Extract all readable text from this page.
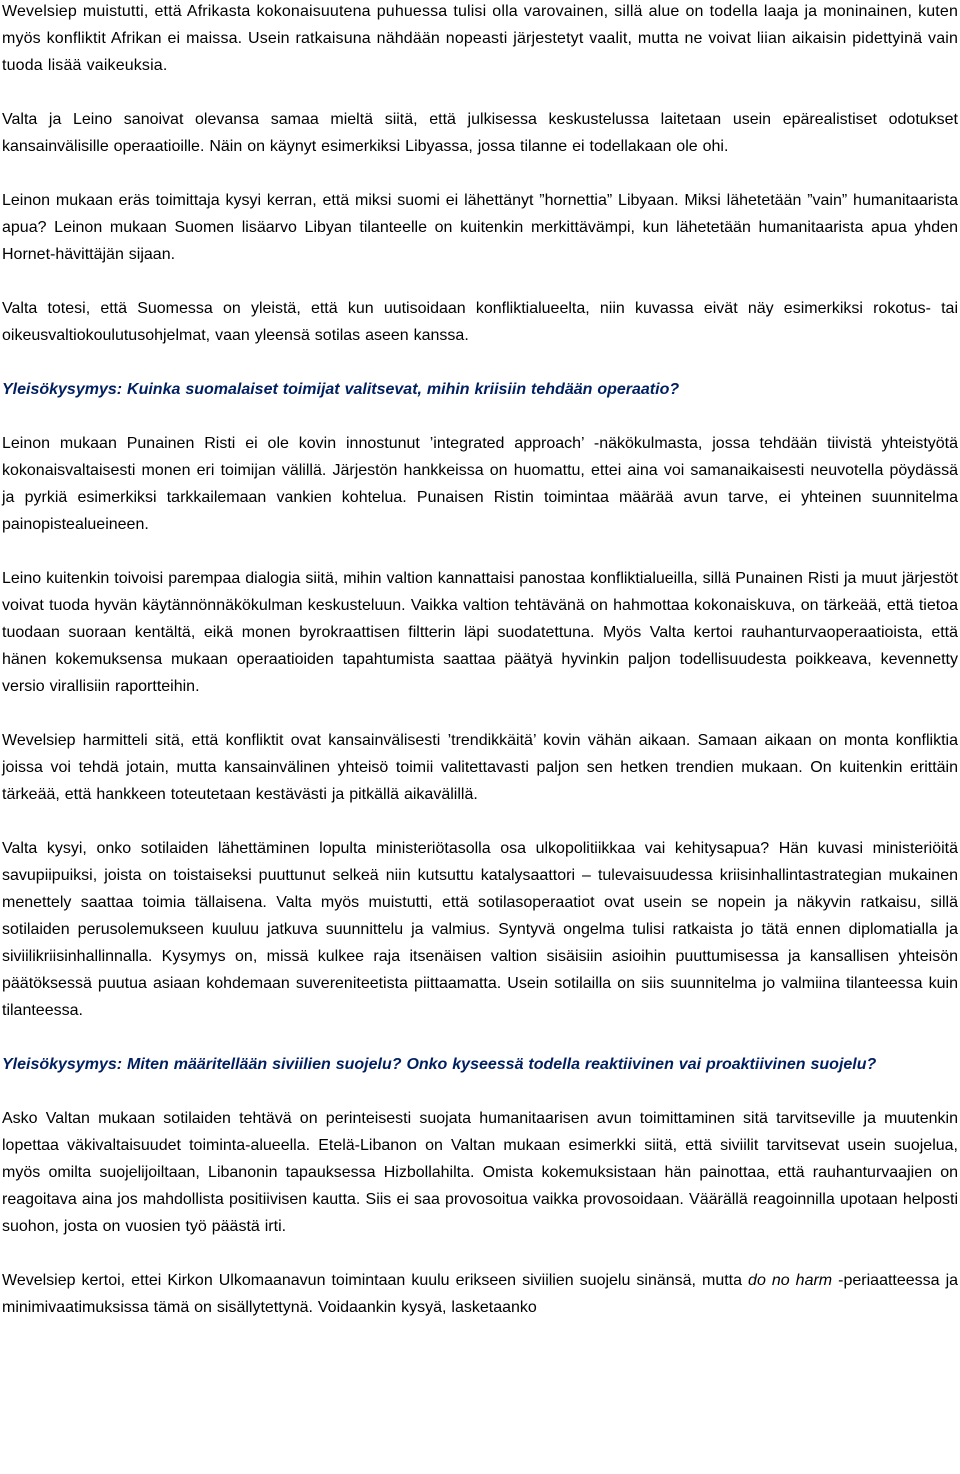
Wevelsiep muistutti, että Afrikasta kokonaisuutena puhuessa tulisi olla varovainen, sillä alue on todella laaja ja moninainen, kuten myös konfliktit Afrikan ei maissa. Usein ratkaisuna nähdään nopeasti järjestetyt vaalit, mutta ne voivat liian aikaisin pidettyinä vain tuoda lisää vaikeuksia.

Valta ja Leino sanoivat olevansa samaa mieltä siitä, että julkisessa keskustelussa laitetaan usein epärealistiset odotukset kansainvälisille operaatioille. Näin on käynyt esimerkiksi Libyassa, jossa tilanne ei todellakaan ole ohi.

Leinon mukaan eräs toimittaja kysyi kerran, että miksi suomi ei lähettänyt ”hornettia” Libyaan. Miksi lähetetään ”vain” humanitaarista apua? Leinon mukaan Suomen lisäarvo Libyan tilanteelle on kuitenkin merkittävämpi, kun lähetetään humanitaarista apua yhden Hornet-hävittäjän sijaan.

Valta totesi, että Suomessa on yleistä, että kun uutisoidaan konfliktialueelta, niin kuvassa eivät näy esimerkiksi rokotus- tai oikeusvaltiokoulutusohjelmat, vaan yleensä sotilas aseen kanssa.

Yleisökysymys: Kuinka suomalaiset toimijat valitsevat, mihin kriisiin tehdään operaatio?

Leinon mukaan Punainen Risti ei ole kovin innostunut ’integrated approach’ -näkökulmasta, jossa tehdään tiivistä yhteistyötä kokonaisvaltaisesti monen eri toimijan välillä. Järjestön hankkeissa on huomattu, ettei aina voi samanaikaisesti neuvotella pöydässä ja pyrkiä esimerkiksi tarkkailemaan vankien kohtelua. Punaisen Ristin toimintaa määrää avun tarve, ei yhteinen suunnitelma painopistealueineen.

Leino kuitenkin toivoisi parempaa dialogia siitä, mihin valtion kannattaisi panostaa konfliktialueilla, sillä Punainen Risti ja muut järjestöt voivat tuoda hyvän käytännönnäkökulman keskusteluun. Vaikka valtion tehtävänä on hahmottaa kokonaiskuva, on tärkeää, että tietoa tuodaan suoraan kentältä, eikä monen byrokraattisen filtterin läpi suodatettuna. Myös Valta kertoi rauhanturvaoperaatioista, että hänen kokemuksensa mukaan operaatioiden tapahtumista saattaa päätyä hyvinkin paljon todellisuudesta poikkeava, kevennetty versio virallisiin raportteihin.

Wevelsiep harmitteli sitä, että konfliktit ovat kansainvälisesti ’trendikkäitä’ kovin vähän aikaan. Samaan aikaan on monta konfliktia joissa voi tehdä jotain, mutta kansainvälinen yhteisö toimii valitettavasti paljon sen hetken trendien mukaan. On kuitenkin erittäin tärkeää, että hankkeen toteutetaan kestävästi ja pitkällä aikavälillä.

Valta kysyi, onko sotilaiden lähettäminen lopulta ministeriötasolla osa ulkopolitiikkaa vai kehitysapua? Hän kuvasi ministeriöitä savupiipuiksi, joista on toistaiseksi puuttunut selkeä niin kutsuttu katalysaattori – tulevaisuudessa kriisinhallintastrategian mukainen menettely saattaa toimia tällaisena. Valta myös muistutti, että sotilasoperaatiot ovat usein se nopein ja näkyvin ratkaisu, sillä sotilaiden perusolemukseen kuuluu jatkuva suunnittelu ja valmius. Syntyvä ongelma tulisi ratkaista jo tätä ennen diplomatialla ja siviilikriisinhallinnalla. Kysymys on, missä kulkee raja itsenäisen valtion sisäisiin asioihin puuttumisessa ja kansallisen yhteisön päätöksessä puutua asiaan kohdemaan suvereniteetista piittaamatta. Usein sotilailla on siis suunnitelma jo valmiina tilanteessa kuin tilanteessa.

Yleisökysymys: Miten määritellään siviilien suojelu? Onko kyseessä todella reaktiivinen vai proaktiivinen suojelu?

Asko Valtan mukaan sotilaiden tehtävä on perinteisesti suojata humanitaarisen avun toimittaminen sitä tarvitseville ja muutenkin lopettaa väkivaltaisuudet toiminta-alueella. Etelä-Libanon on Valtan mukaan esimerkki siitä, että siviilit tarvitsevat usein suojelua, myös omilta suojelijoiltaan, Libanonin tapauksessa Hizbollahilta. Omista kokemuksistaan hän painottaa, että rauhanturvaajien on reagoitava aina jos mahdollista positiivisen kautta. Siis ei saa provosoitua vaikka provosoidaan. Väärällä reagoinnilla upotaan helposti suohon, josta on vuosien työ päästä irti.

Wevelsiep kertoi, ettei Kirkon Ulkomaanavun toimintaan kuulu erikseen siviilien suojelu sinänsä, mutta do no harm -periaatteessa ja minimivaatimuksissa tämä on sisällytettynä. Voidaankin kysyä, lasketaanko
